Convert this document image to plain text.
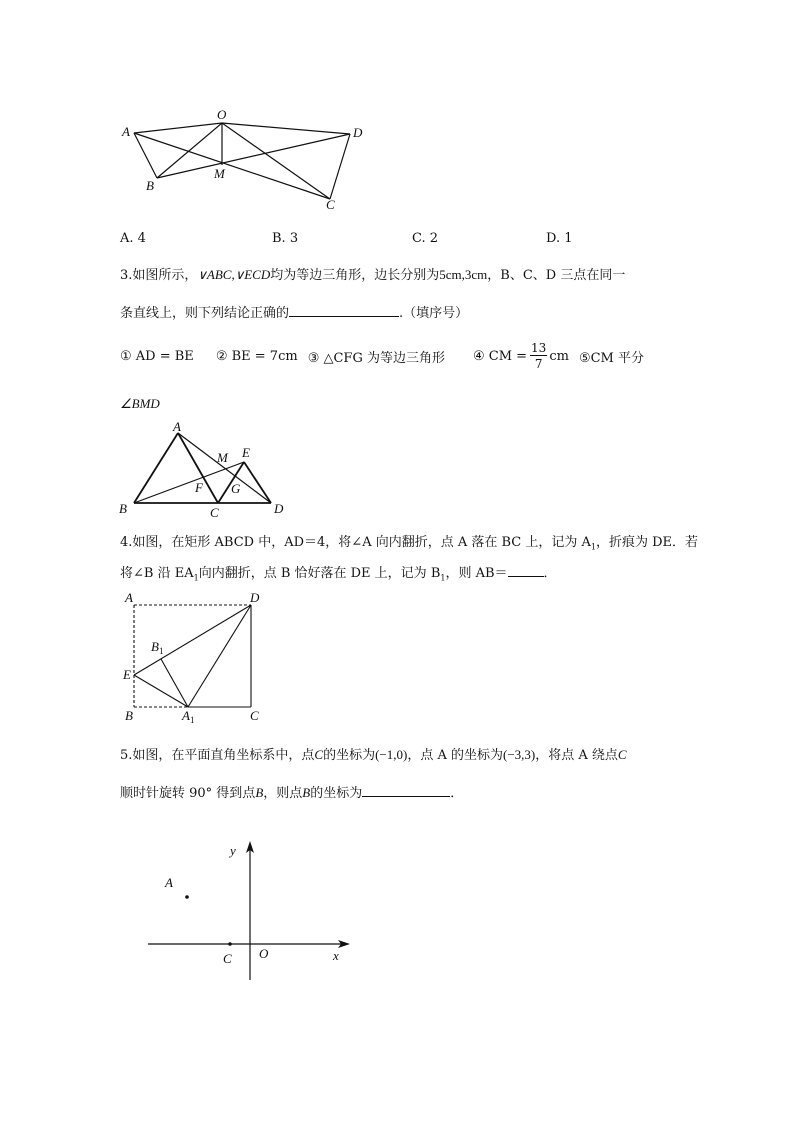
A
O
D
B
M
C
A. 4	B. 3	C. 2	D. 1
3.如图所示，∨ABC,∨ECD均为等边三角形，边长分别为5cm,3cm，B、C、D 三点在同一
条直线上，则下列结论正确的	.（填序号）
① AD = BE ② BE = 7cm ③ △CFG 为等边三角形 ④ CM = $\frac{13}{7}$ cm ⑤CM 平分
∠BMD
A
E
M
F G
B	C	D
4.如图，在矩形 ABCD 中，AD＝4，将∠A 向内翻折，点 A 落在 BC 上，记为 $A_1$，折痕为 DE．若
将∠B 沿 $EA_1$向内翻折，点 B 恰好落在 DE 上，记为 $B_1$，则 AB＝	．
A	D
$B_1$
E
B	$A_1$	C
5.如图，在平面直角坐标系中，点C的坐标为(−1,0)，点 A 的坐标为(−3,3)，将点 A 绕点C
顺时针旋转 90° 得到点B，则点B的坐标为	．
y
A
C O	x
